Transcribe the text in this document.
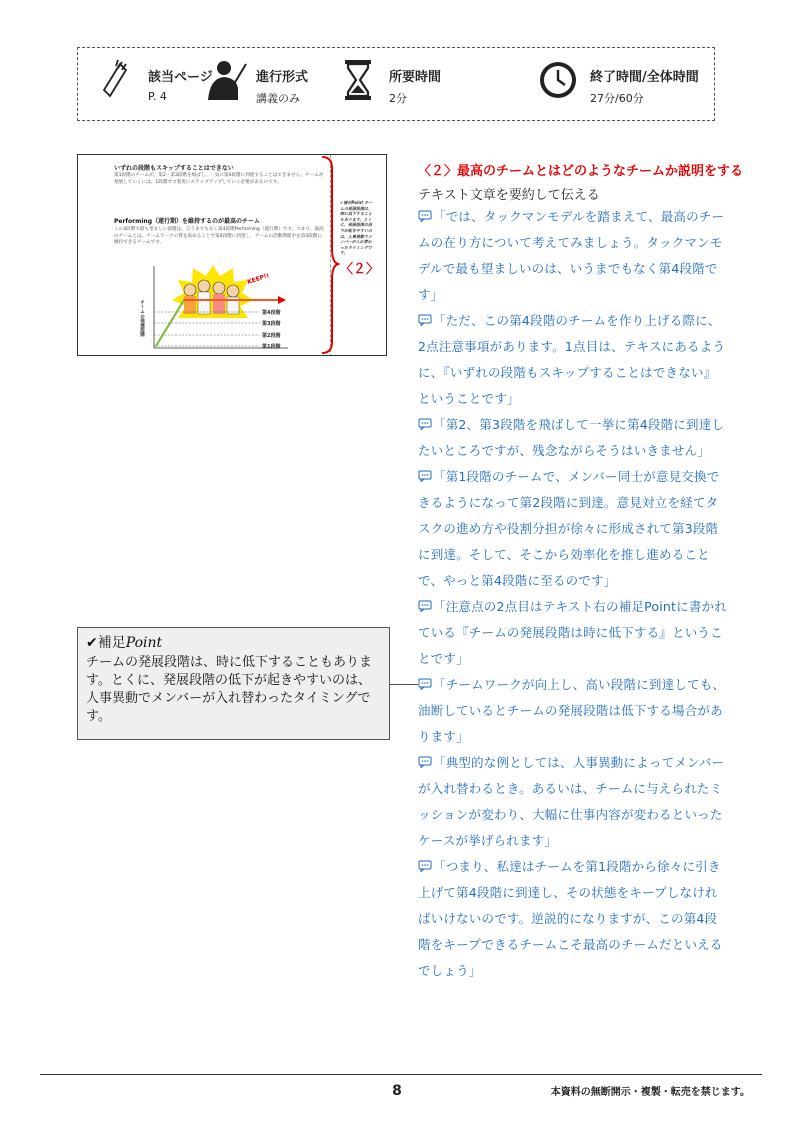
該当ページ
P. 4
進行形式
講義のみ
所要時間
2分
終了時間/全体時間
27分/60分
いずれの段階もスキップすることはできない
第1段階のチームが、第2・第3段階を飛ばし、一気に第4段階に到達することはできません。チームが発展していくには、1段階ずつ着実にステップアップしていく必要があるのです。
Performing（遂行期）を維持するのが最高のチーム
この4段階で最も望ましい段階は、言うまでもなく第4段階Performing（遂行期）です。つまり、最高のチームとは、チームワークの質を高めることで第4段階に到達し、チームの活動期間中を第4段階に維持できるチームです。
✔補足Point チームの発展段階は、時に低下することもあります。とくに、発展段階の低下が起きやすいのは、人事異動でメンバーが入れ替わったタイミングです。
KEEP!!
第4段階
第3段階
第2段階
第1段階
チームの発展段階
〈２〉
〈２〉最高のチームとはどのようなチームか説明をする
テキスト文章を要約して伝える
「では、タックマンモデルを踏まえて、最高のチームの在り方について考えてみましょう。タックマンモデルで最も望ましいのは、いうまでもなく第4段階です」
「ただ、この第4段階のチームを作り上げる際に、2点注意事項があります。1点目は、テキスにあるように、『いずれの段階もスキップすることはできない』ということです」
「第2、第3段階を飛ばして一挙に第4段階に到達したいところですが、残念ながらそうはいきません」
「第1段階のチームで、メンバー同士が意見交換できるようになって第2段階に到達。意見対立を経てタスクの進め方や役割分担が徐々に形成されて第3段階に到達。そして、そこから効率化を推し進めることで、やっと第4段階に至るのです」
「注意点の2点目はテキスト右の補足Pointに書かれている『チームの発展段階は時に低下する』ということです」
「チームワークが向上し、高い段階に到達しても、油断しているとチームの発展段階は低下する場合があります」
「典型的な例としては、人事異動によってメンバーが入れ替わるとき。あるいは、チームに与えられたミッションが変わり、大幅に仕事内容が変わるといったケースが挙げられます」
「つまり、私達はチームを第1段階から徐々に引き上げて第4段階に到達し、その状態をキープしなければいけないのです。逆説的になりますが、この第4段階をキープできるチームこそ最高のチームだといえるでしょう」
✔補足Point
チームの発展段階は、時に低下することもあります。とくに、発展段階の低下が起きやすいのは、人事異動でメンバーが入れ替わったタイミングです。
8	本資料の無断開示・複製・転売を禁じます。
